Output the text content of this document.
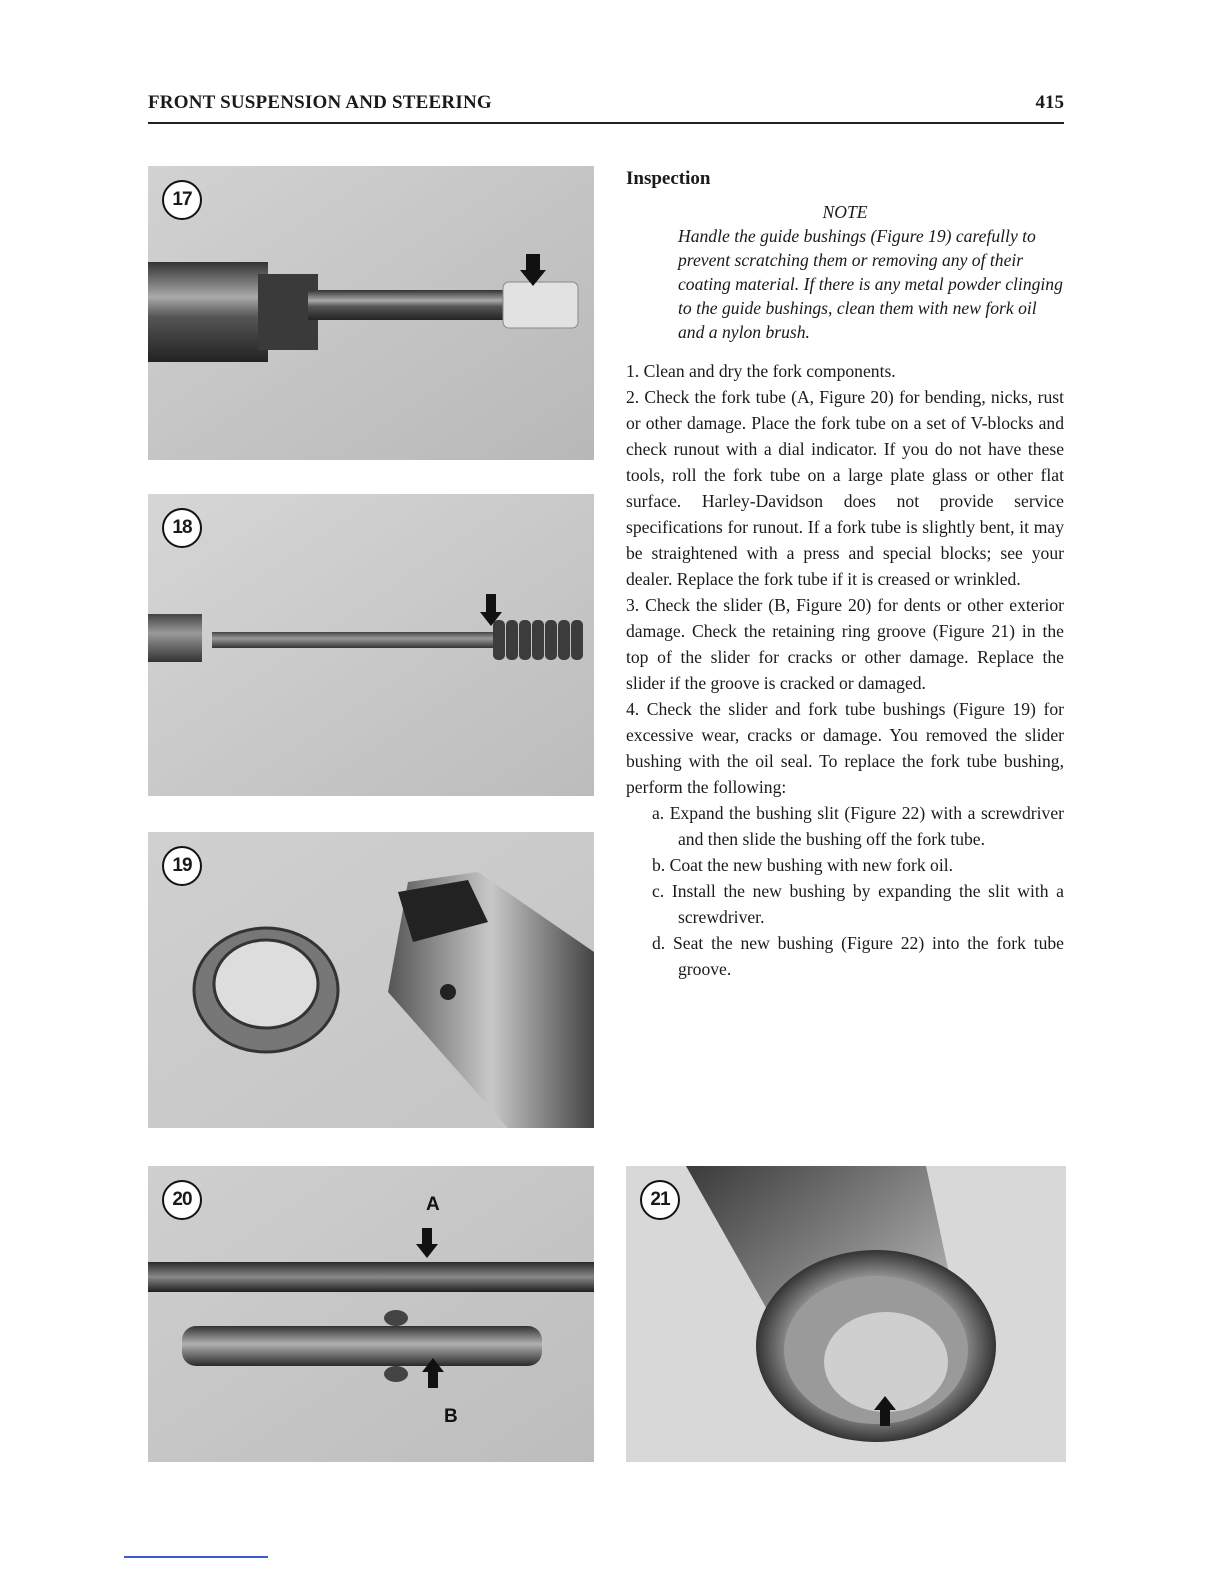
FRONT SUSPENSION AND STEERING	415
17
18
19
Inspection
NOTE
Handle the guide bushings (Figure 19) carefully to prevent scratching them or removing any of their coating material. If there is any metal powder clinging to the guide bushings, clean them with new fork oil and a nylon brush.
1. Clean and dry the fork components.
2. Check the fork tube (A, Figure 20) for bending, nicks, rust or other damage. Place the fork tube on a set of V-blocks and check runout with a dial indicator. If you do not have these tools, roll the fork tube on a large plate glass or other flat surface. Harley-Davidson does not provide service specifications for runout. If a fork tube is slightly bent, it may be straightened with a press and special blocks; see your dealer. Replace the fork tube if it is creased or wrinkled.
3. Check the slider (B, Figure 20) for dents or other exterior damage. Check the retaining ring groove (Figure 21) in the top of the slider for cracks or other damage. Replace the slider if the groove is cracked or damaged.
4. Check the slider and fork tube bushings (Figure 19) for excessive wear, cracks or damage. You removed the slider bushing with the oil seal. To replace the fork tube bushing, perform the following:
a. Expand the bushing slit (Figure 22) with a screwdriver and then slide the bushing off the fork tube.
b. Coat the new bushing with new fork oil.
c. Install the new bushing by expanding the slit with a screwdriver.
d. Seat the new bushing (Figure 22) into the fork tube groove.
A
B
20	21
